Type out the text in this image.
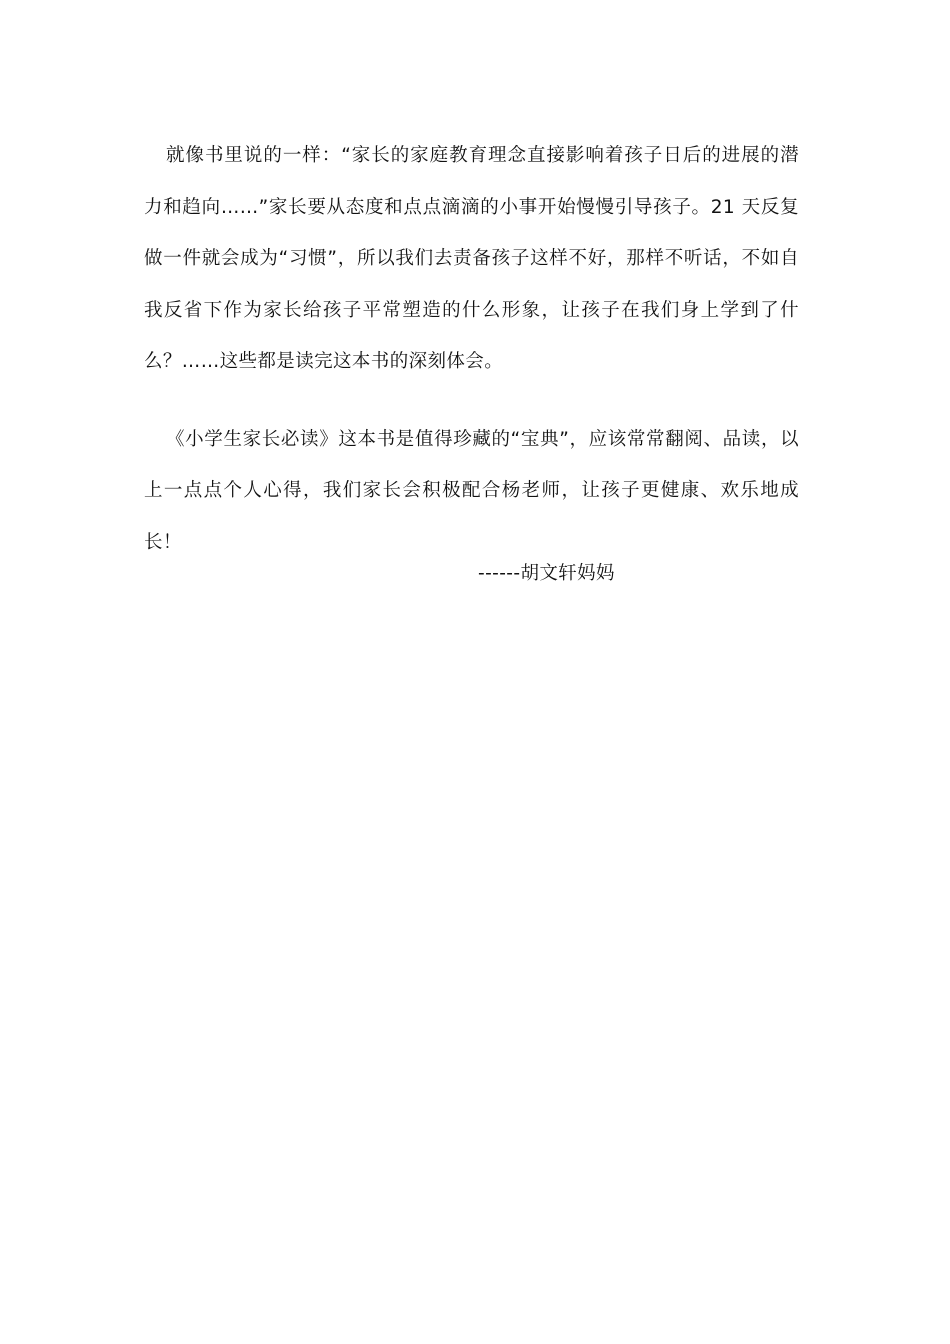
就像书里说的一样：“家长的家庭教育理念直接影响着孩子日后的进展的潜力和趋向……”家长要从态度和点点滴滴的小事开始慢慢引导孩子。21 天反复做一件就会成为“习惯”，所以我们去责备孩子这样不好，那样不听话，不如自我反省下作为家长给孩子平常塑造的什么形象，让孩子在我们身上学到了什么？……这些都是读完这本书的深刻体会。

《小学生家长必读》这本书是值得珍藏的“宝典”，应该常常翻阅、品读，以上一点点个人心得，我们家长会积极配合杨老师，让孩子更健康、欢乐地成长！

------胡文轩妈妈
